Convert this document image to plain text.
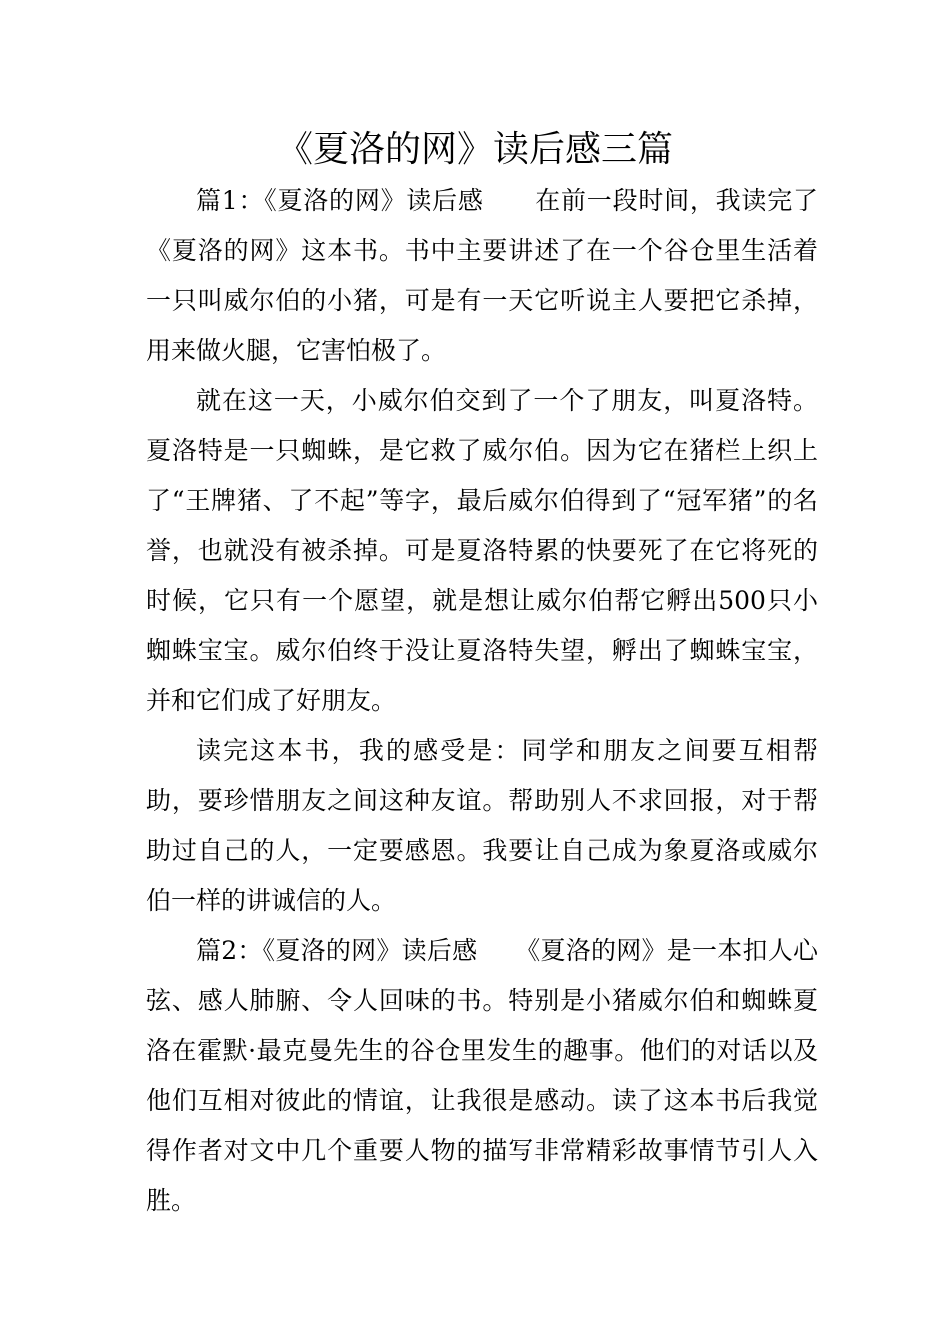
《夏洛的网》读后感三篇

篇1：《夏洛的网》读后感　　在前一段时间，我读完了《夏洛的网》这本书。书中主要讲述了在一个谷仓里生活着一只叫威尔伯的小猪，可是有一天它听说主人要把它杀掉，用来做火腿，它害怕极了。

就在这一天，小威尔伯交到了一个了朋友，叫夏洛特。夏洛特是一只蜘蛛，是它救了威尔伯。因为它在猪栏上织上了“王牌猪、了不起”等字，最后威尔伯得到了“冠军猪”的名誉，也就没有被杀掉。可是夏洛特累的快要死了在它将死的时候，它只有一个愿望，就是想让威尔伯帮它孵出500只小蜘蛛宝宝。威尔伯终于没让夏洛特失望，孵出了蜘蛛宝宝，并和它们成了好朋友。

读完这本书，我的感受是：同学和朋友之间要互相帮助，要珍惜朋友之间这种友谊。帮助别人不求回报，对于帮助过自己的人，一定要感恩。我要让自己成为象夏洛或威尔伯一样的讲诚信的人。

篇2：《夏洛的网》读后感　　《夏洛的网》是一本扣人心弦、感人肺腑、令人回味的书。特别是小猪威尔伯和蜘蛛夏洛在霍默·最克曼先生的谷仓里发生的趣事。他们的对话以及他们互相对彼此的情谊，让我很是感动。读了这本书后我觉得作者对文中几个重要人物的描写非常精彩故事情节引人入胜。
